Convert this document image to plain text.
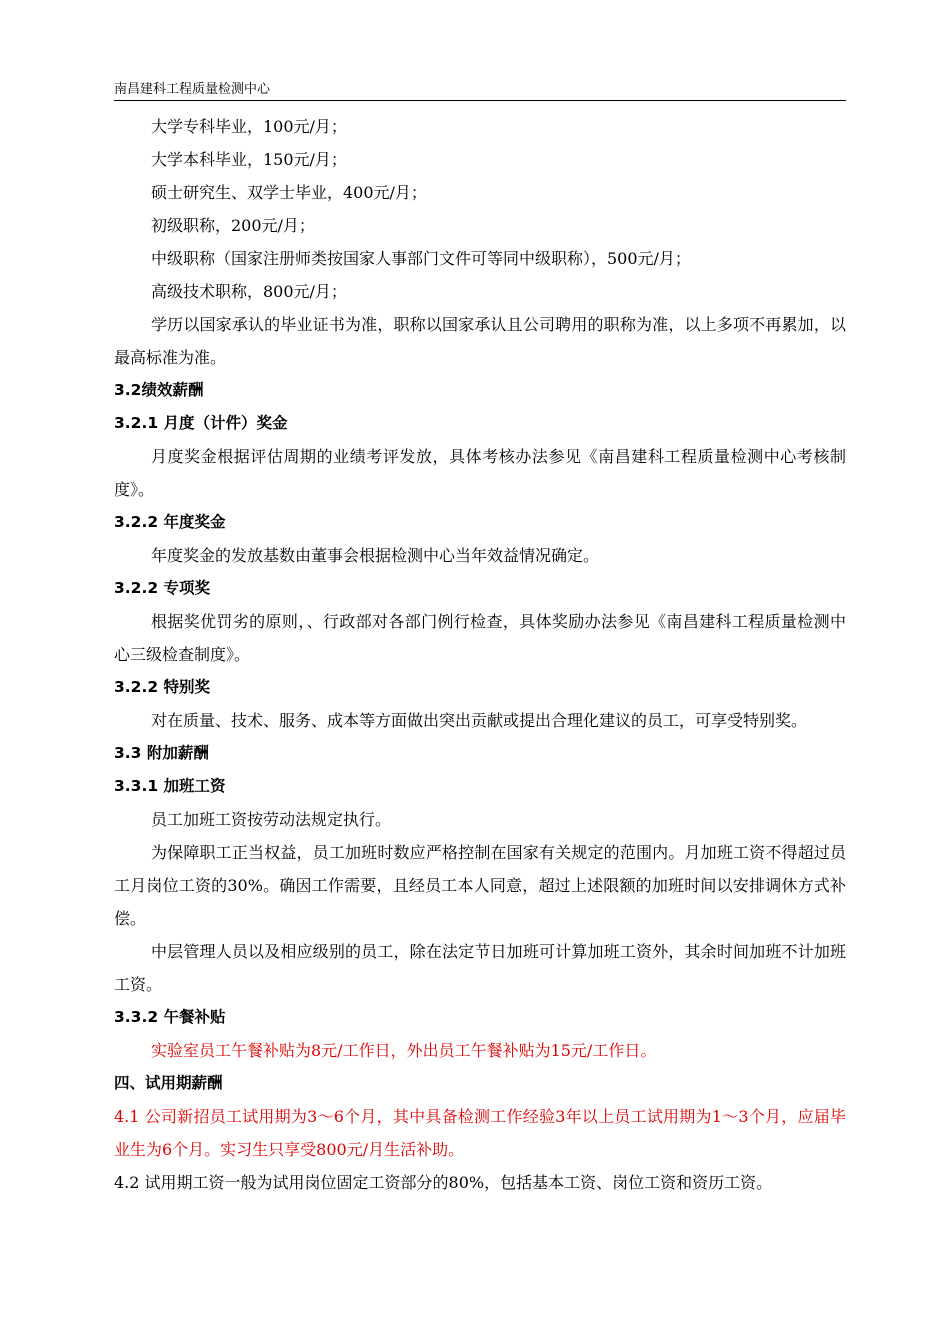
南昌建科工程质量检测中心

大学专科毕业，100元/月；

大学本科毕业，150元/月；

硕士研究生、双学士毕业，400元/月；

初级职称，200元/月；

中级职称（国家注册师类按国家人事部门文件可等同中级职称），500元/月；

高级技术职称，800元/月；

学历以国家承认的毕业证书为准，职称以国家承认且公司聘用的职称为准，以上多项不再累加，以最高标准为准。

3.2绩效薪酬

3.2.1 月度（计件）奖金

月度奖金根据评估周期的业绩考评发放，具体考核办法参见《南昌建科工程质量检测中心考核制度》。

3.2.2 年度奖金

年度奖金的发放基数由董事会根据检测中心当年效益情况确定。

3.2.2 专项奖

根据奖优罚劣的原则，、行政部对各部门例行检查，具体奖励办法参见《南昌建科工程质量检测中心三级检查制度》。

3.2.2 特别奖

对在质量、技术、服务、成本等方面做出突出贡献或提出合理化建议的员工，可享受特别奖。

3.3 附加薪酬

3.3.1 加班工资

员工加班工资按劳动法规定执行。

为保障职工正当权益，员工加班时数应严格控制在国家有关规定的范围内。月加班工资不得超过员工月岗位工资的30%。确因工作需要，且经员工本人同意，超过上述限额的加班时间以安排调休方式补偿。

中层管理人员以及相应级别的员工，除在法定节日加班可计算加班工资外，其余时间加班不计加班工资。

3.3.2 午餐补贴

实验室员工午餐补贴为8元/工作日，外出员工午餐补贴为15元/工作日。

四、试用期薪酬

4.1 公司新招员工试用期为3～6个月，其中具备检测工作经验3年以上员工试用期为1～3个月，应届毕业生为6个月。实习生只享受800元/月生活补助。

4.2 试用期工资一般为试用岗位固定工资部分的80%，包括基本工资、岗位工资和资历工资。
